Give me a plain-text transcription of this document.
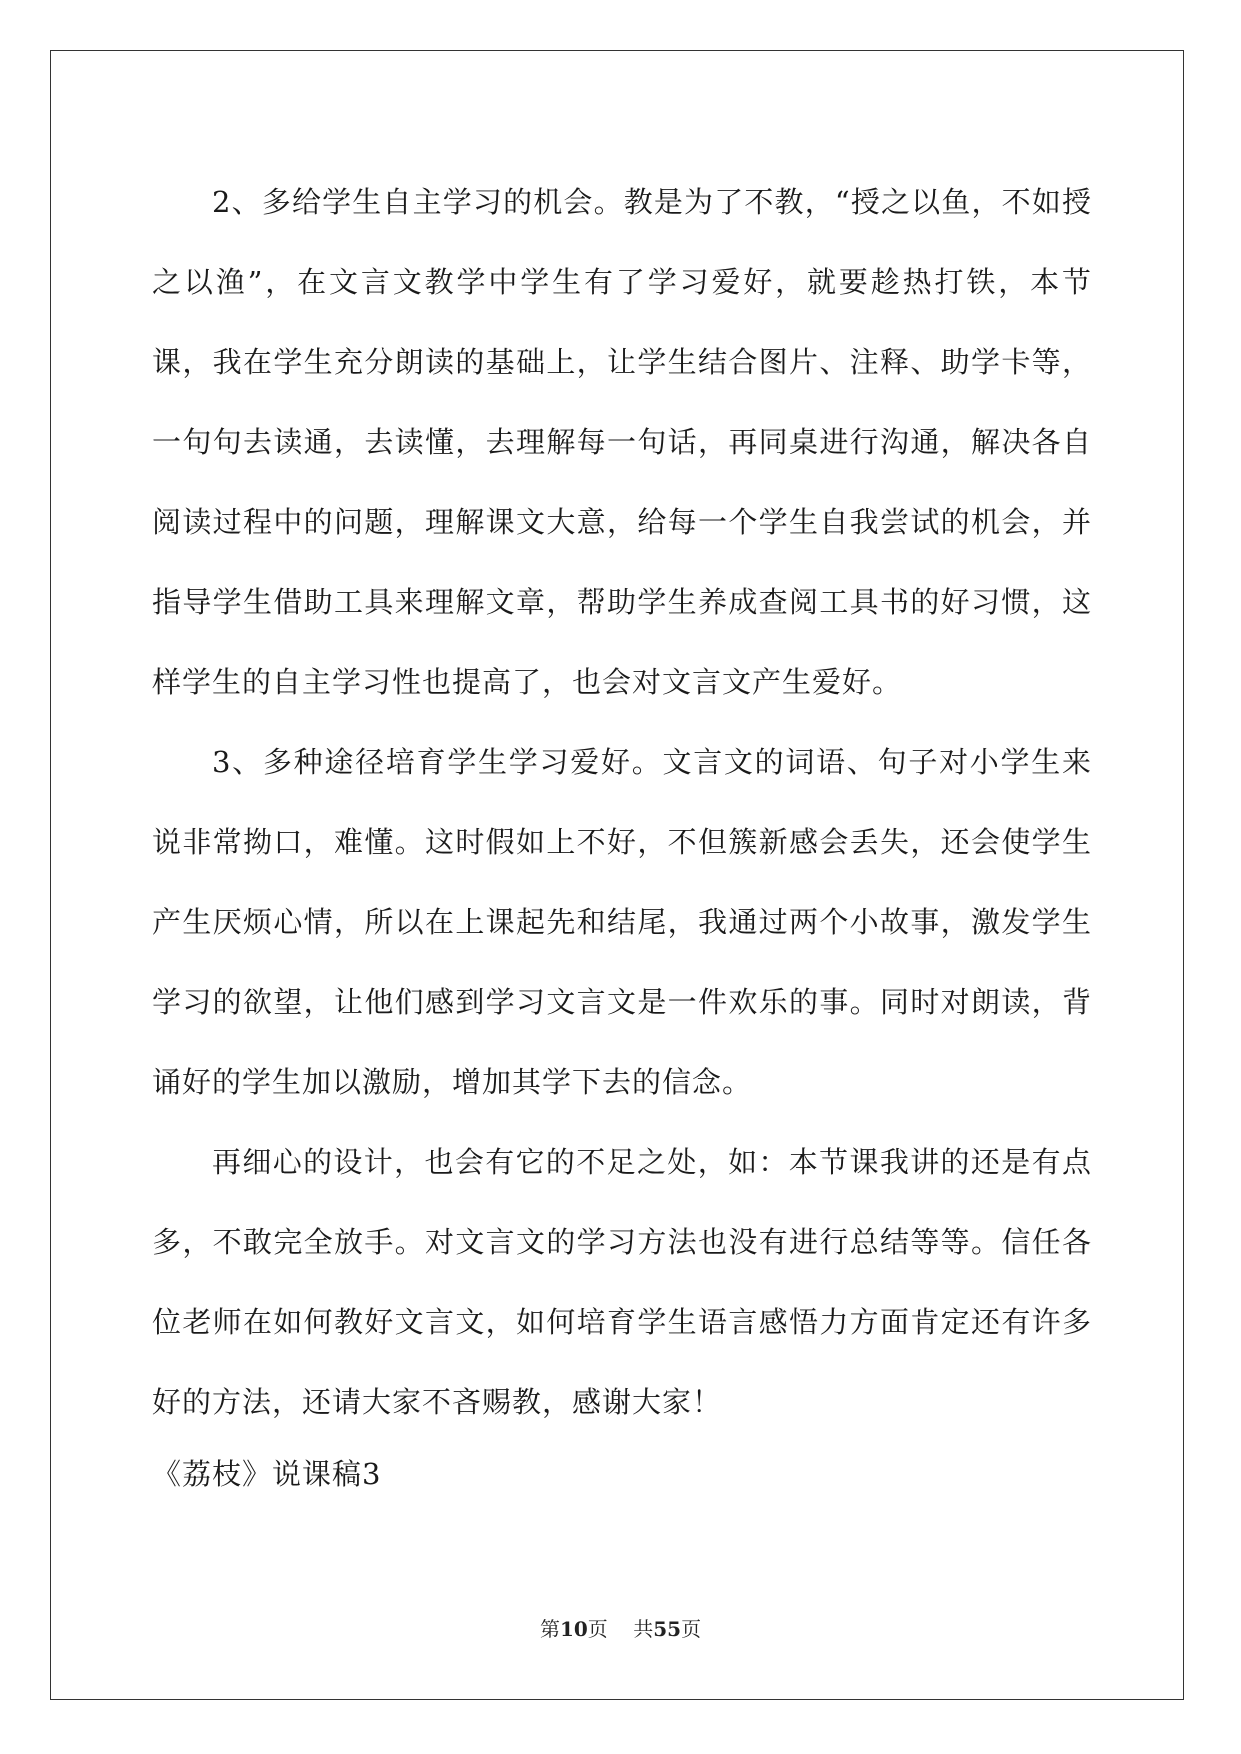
2、多给学生自主学习的机会。教是为了不教，“授之以鱼，不如授之以渔”，在文言文教学中学生有了学习爱好，就要趁热打铁，本节课，我在学生充分朗读的基础上，让学生结合图片、注释、助学卡等，一句句去读通，去读懂，去理解每一句话，再同桌进行沟通，解决各自阅读过程中的问题，理解课文大意，给每一个学生自我尝试的机会，并指导学生借助工具来理解文章，帮助学生养成查阅工具书的好习惯，这样学生的自主学习性也提高了，也会对文言文产生爱好。

3、多种途径培育学生学习爱好。文言文的词语、句子对小学生来说非常拗口，难懂。这时假如上不好，不但簇新感会丢失，还会使学生产生厌烦心情，所以在上课起先和结尾，我通过两个小故事，激发学生学习的欲望，让他们感到学习文言文是一件欢乐的事。同时对朗读，背诵好的学生加以激励，增加其学下去的信念。

再细心的设计，也会有它的不足之处，如：本节课我讲的还是有点多，不敢完全放手。对文言文的学习方法也没有进行总结等等。信任各位老师在如何教好文言文，如何培育学生语言感悟力方面肯定还有许多好的方法，还请大家不吝赐教，感谢大家！

《荔枝》说课稿3

第10页 共55页
